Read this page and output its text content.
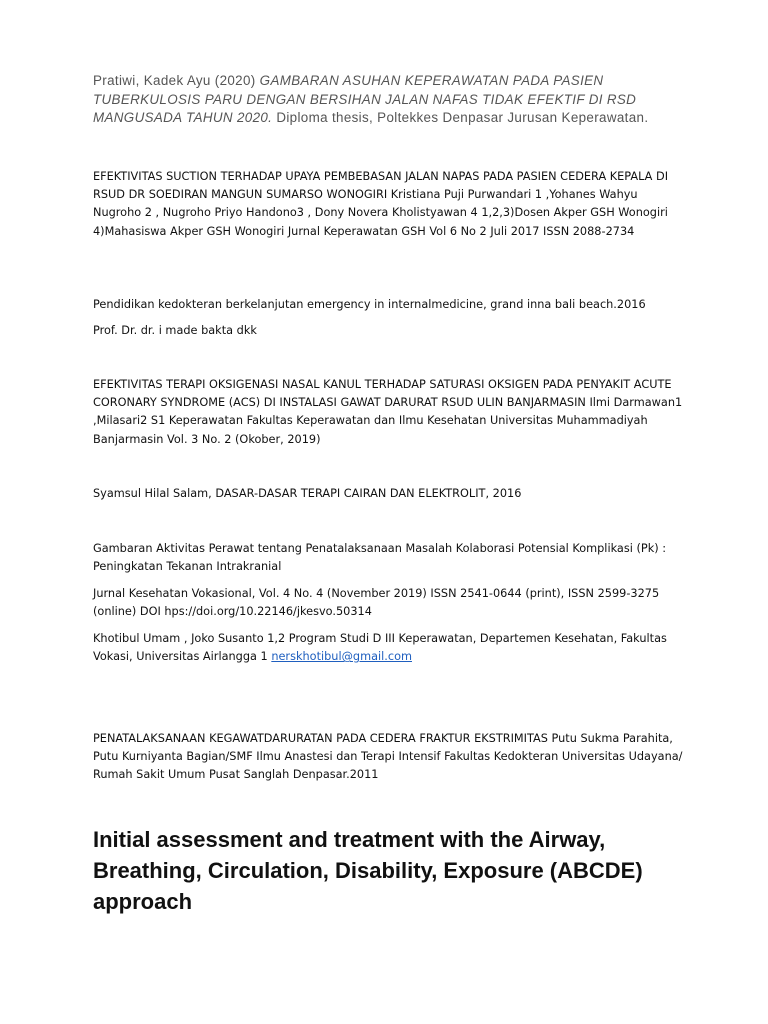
Pratiwi, Kadek Ayu (2020) GAMBARAN ASUHAN KEPERAWATAN PADA PASIEN TUBERKULOSIS PARU DENGAN BERSIHAN JALAN NAFAS TIDAK EFEKTIF DI RSD MANGUSADA TAHUN 2020. Diploma thesis, Poltekkes Denpasar Jurusan Keperawatan.

EFEKTIVITAS SUCTION TERHADAP UPAYA PEMBEBASAN JALAN NAPAS PADA PASIEN CEDERA KEPALA DI RSUD DR SOEDIRAN MANGUN SUMARSO WONOGIRI Kristiana Puji Purwandari 1 ,Yohanes Wahyu Nugroho 2 , Nugroho Priyo Handono3 , Dony Novera Kholistyawan 4 1,2,3)Dosen Akper GSH Wonogiri 4)Mahasiswa Akper GSH Wonogiri Jurnal Keperawatan GSH Vol 6 No 2 Juli 2017 ISSN 2088-2734

Pendidikan kedokteran berkelanjutan emergency in internalmedicine, grand inna bali beach.2016

Prof. Dr. dr. i made bakta dkk

EFEKTIVITAS TERAPI OKSIGENASI NASAL KANUL TERHADAP SATURASI OKSIGEN PADA PENYAKIT ACUTE CORONARY SYNDROME (ACS) DI INSTALASI GAWAT DARURAT RSUD ULIN BANJARMASIN Ilmi Darmawan1 ,Milasari2 S1 Keperawatan Fakultas Keperawatan dan Ilmu Kesehatan Universitas Muhammadiyah Banjarmasin Vol. 3 No. 2 (Okober, 2019)

Syamsul Hilal Salam, DASAR-DASAR TERAPI CAIRAN DAN ELEKTROLIT, 2016

Gambaran Aktivitas Perawat tentang Penatalaksanaan Masalah Kolaborasi Potensial Komplikasi (Pk) : Peningkatan Tekanan Intrakranial

Jurnal Kesehatan Vokasional, Vol. 4 No. 4 (November 2019) ISSN 2541-0644 (print), ISSN 2599-3275 (online) DOI hps://doi.org/10.22146/jkesvo.50314

Khotibul Umam , Joko Susanto 1,2 Program Studi D III Keperawatan, Departemen Kesehatan, Fakultas Vokasi, Universitas Airlangga 1 nerskhotibul@gmail.com

PENATALAKSANAAN KEGAWATDARURATAN PADA CEDERA FRAKTUR EKSTRIMITAS Putu Sukma Parahita, Putu Kurniyanta Bagian/SMF Ilmu Anastesi dan Terapi Intensif Fakultas Kedokteran Universitas Udayana/ Rumah Sakit Umum Pusat Sanglah Denpasar.2011

Initial assessment and treatment with the Airway, Breathing, Circulation, Disability, Exposure (ABCDE) approach
